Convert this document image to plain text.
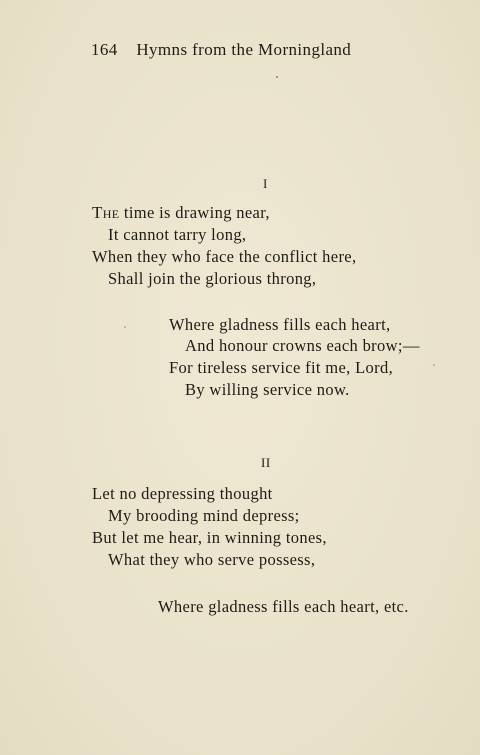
164 Hymns from the Morningland
I
The time is drawing near,
It cannot tarry long,
When they who face the conflict here,
Shall join the glorious throng,
Where gladness fills each heart,
And honour crowns each brow;—
For tireless service fit me, Lord,
By willing service now.
II
Let no depressing thought
My brooding mind depress;
But let me hear, in winning tones,
What they who serve possess,
Where gladness fills each heart, etc.
